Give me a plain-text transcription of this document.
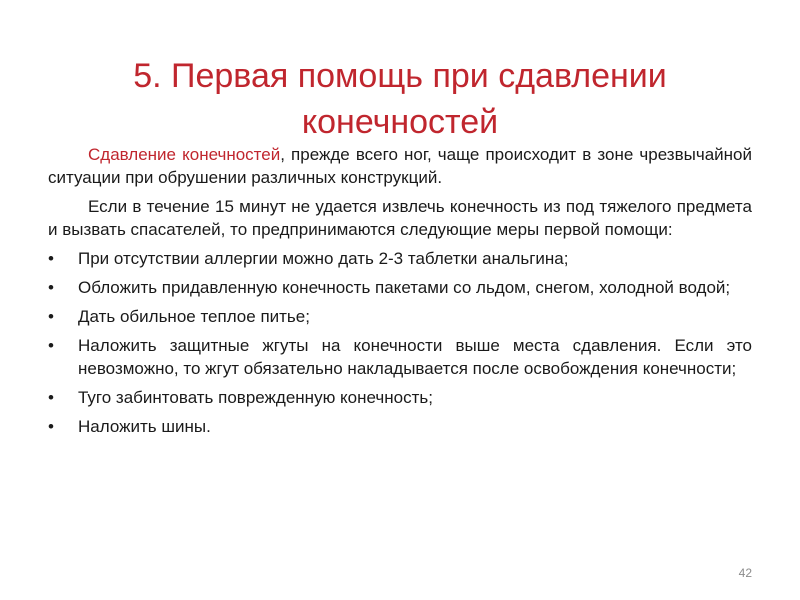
5. Первая помощь при сдавлении
конечностей

Сдавление конечностей, прежде всего ног, чаще происходит в зоне чрезвычайной ситуации при обрушении различных конструкций.

Если в течение 15 минут не удается извлечь конечность из под тяжелого предмета и вызвать спасателей, то предпринимаются следующие меры первой помощи:

•	При отсутствии аллергии можно дать 2-3 таблетки анальгина;
•	Обложить придавленную конечность пакетами со льдом, снегом, холодной водой;
•	Дать обильное теплое питье;
•	Наложить защитные жгуты на конечности выше места сдавления. Если это невозможно, то жгут обязательно накладывается после освобождения конечности;
•	Туго забинтовать поврежденную конечность;
•	Наложить шины.
42
